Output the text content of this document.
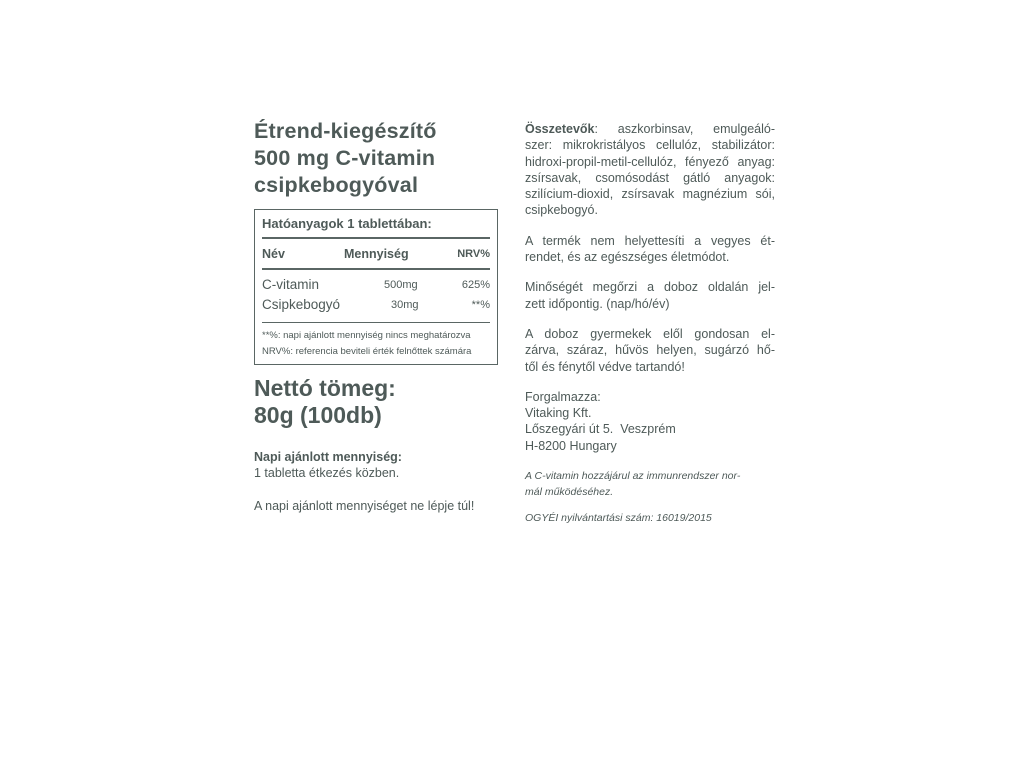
Étrend-kiegészítő
500 mg C-vitamin
csipkebogyóval
Hatóanyagok 1 tablettában:
Név	Mennyiség	NRV%
C-vitamin	500mg	625%
Csipkebogyó	30mg	**%
**%: napi ajánlott mennyiség nincs meghatározva
NRV%: referencia beviteli érték felnőttek számára
Nettó tömeg:
80g (100db)
Napi ajánlott mennyiség:
1 tabletta étkezés közben.
A napi ajánlott mennyiséget ne lépje túl!
Összetevők: aszkorbinsav, emulgeáló-
szer: mikrokristályos cellulóz, stabilizátor:
hidroxi-propil-metil-cellulóz, fényező anyag:
zsírsavak, csomósodást gátló anyagok:
szilícium-dioxid, zsírsavak magnézium sói,
csipkebogyó.
A termék nem helyettesíti a vegyes ét-
rendet, és az egészséges életmódot.
Minőségét megőrzi a doboz oldalán jel-
zett időpontig. (nap/hó/év)
A doboz gyermekek elől gondosan el-
zárva, száraz, hűvös helyen, sugárzó hő-
től és fénytől védve tartandó!
Forgalmazza:
Vitaking Kft.
Lőszegyári út 5.  Veszprém
H-8200 Hungary
A C-vitamin hozzájárul az immunrendszer nor-
mál működéséhez.
OGYÉI nyilvántartási szám: 16019/2015
